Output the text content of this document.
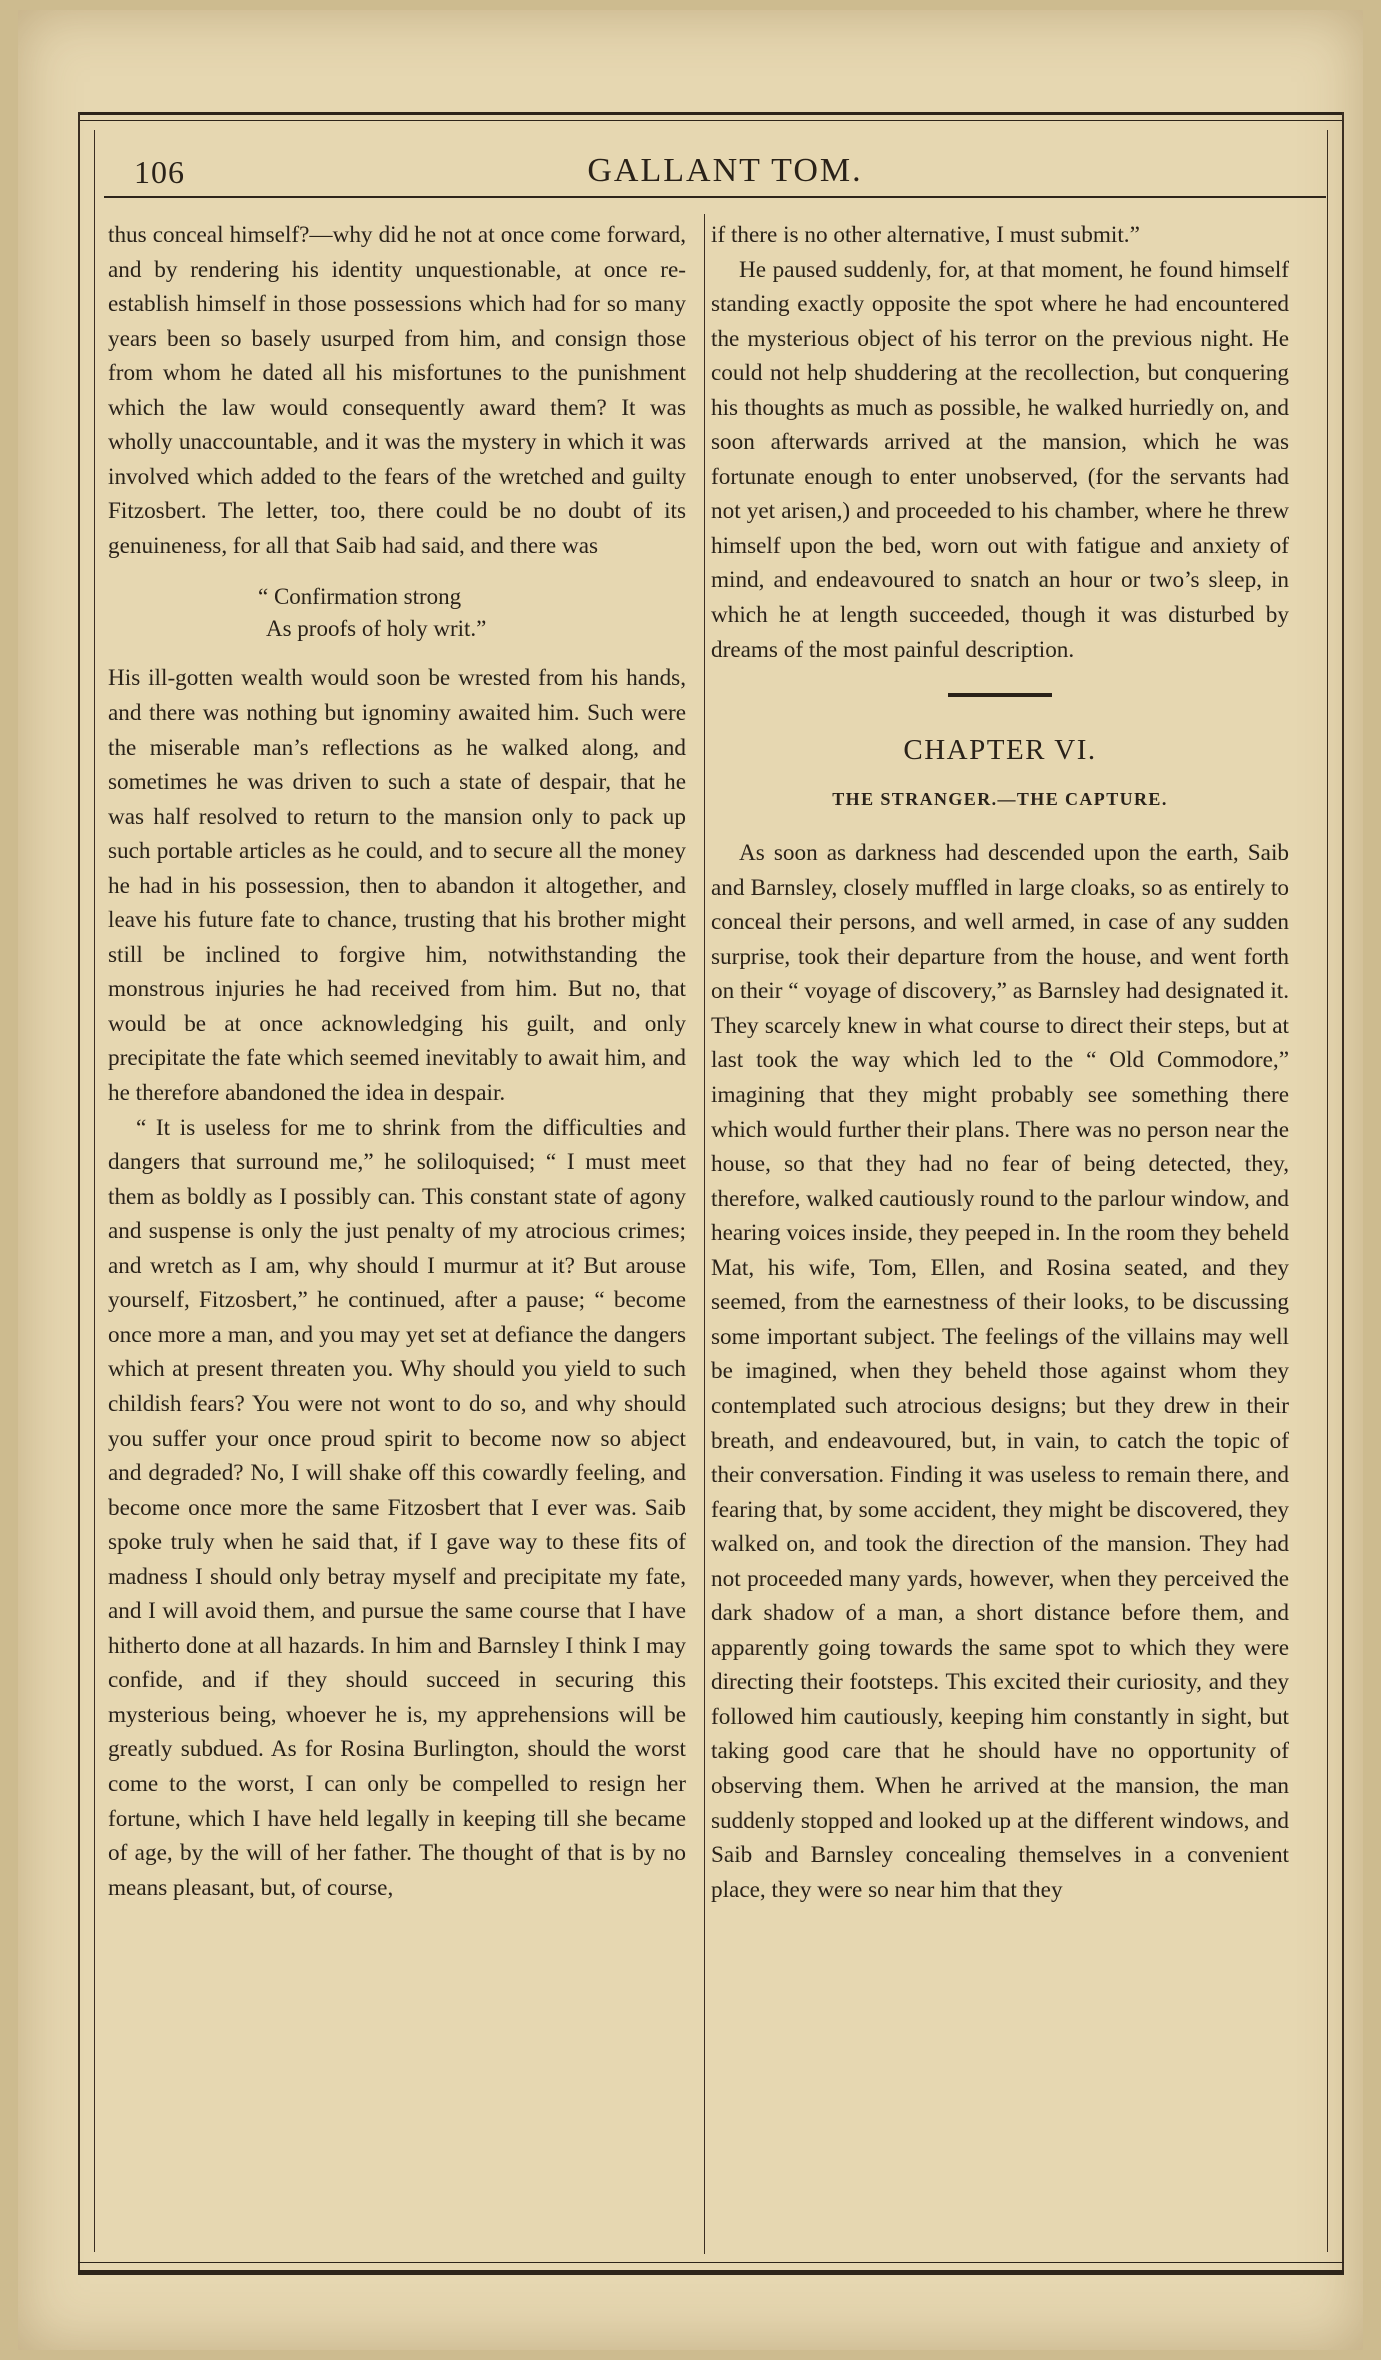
106	GALLANT TOM.

thus conceal himself?—why did he not at once come forward, and by rendering his identity unquestionable, at once re-establish himself in those possessions which had for so many years been so basely usurped from him, and consign those from whom he dated all his misfortunes to the punishment which the law would consequently award them? It was wholly unaccountable, and it was the mystery in which it was involved which added to the fears of the wretched and guilty Fitzosbert. The letter, too, there could be no doubt of its genuineness, for all that Saib had said, and there was

“ Confirmation strong
As proofs of holy writ.”

His ill-gotten wealth would soon be wrested from his hands, and there was nothing but ignominy awaited him. Such were the miserable man’s reflections as he walked along, and sometimes he was driven to such a state of despair, that he was half resolved to return to the mansion only to pack up such portable articles as he could, and to secure all the money he had in his possession, then to abandon it altogether, and leave his future fate to chance, trusting that his brother might still be inclined to forgive him, notwithstanding the monstrous injuries he had received from him. But no, that would be at once acknowledging his guilt, and only precipitate the fate which seemed inevitably to await him, and he therefore abandoned the idea in despair.

“ It is useless for me to shrink from the difficulties and dangers that surround me,” he soliloquised; “ I must meet them as boldly as I possibly can. This constant state of agony and suspense is only the just penalty of my atrocious crimes; and wretch as I am, why should I murmur at it? But arouse yourself, Fitzosbert,” he continued, after a pause; “ become once more a man, and you may yet set at defiance the dangers which at present threaten you. Why should you yield to such childish fears? You were not wont to do so, and why should you suffer your once proud spirit to become now so abject and degraded? No, I will shake off this cowardly feeling, and become once more the same Fitzosbert that I ever was. Saib spoke truly when he said that, if I gave way to these fits of madness I should only betray myself and precipitate my fate, and I will avoid them, and pursue the same course that I have hitherto done at all hazards. In him and Barnsley I think I may confide, and if they should succeed in securing this mysterious being, whoever he is, my apprehensions will be greatly subdued. As for Rosina Burlington, should the worst come to the worst, I can only be compelled to resign her fortune, which I have held legally in keeping till she became of age, by the will of her father. The thought of that is by no means pleasant, but, of course,

if there is no other alternative, I must submit.”

He paused suddenly, for, at that moment, he found himself standing exactly opposite the spot where he had encountered the mysterious object of his terror on the previous night. He could not help shuddering at the recollection, but conquering his thoughts as much as possible, he walked hurriedly on, and soon afterwards arrived at the mansion, which he was fortunate enough to enter unobserved, (for the servants had not yet arisen,) and proceeded to his chamber, where he threw himself upon the bed, worn out with fatigue and anxiety of mind, and endeavoured to snatch an hour or two’s sleep, in which he at length succeeded, though it was disturbed by dreams of the most painful description.

CHAPTER VI.
THE STRANGER.—THE CAPTURE.

As soon as darkness had descended upon the earth, Saib and Barnsley, closely muffled in large cloaks, so as entirely to conceal their persons, and well armed, in case of any sudden surprise, took their departure from the house, and went forth on their “ voyage of discovery,” as Barnsley had designated it. They scarcely knew in what course to direct their steps, but at last took the way which led to the “ Old Commodore,” imagining that they might probably see something there which would further their plans. There was no person near the house, so that they had no fear of being detected, they, therefore, walked cautiously round to the parlour window, and hearing voices inside, they peeped in. In the room they beheld Mat, his wife, Tom, Ellen, and Rosina seated, and they seemed, from the earnestness of their looks, to be discussing some important subject. The feelings of the villains may well be imagined, when they beheld those against whom they contemplated such atrocious designs; but they drew in their breath, and endeavoured, but, in vain, to catch the topic of their conversation. Finding it was useless to remain there, and fearing that, by some accident, they might be discovered, they walked on, and took the direction of the mansion. They had not proceeded many yards, however, when they perceived the dark shadow of a man, a short distance before them, and apparently going towards the same spot to which they were directing their footsteps. This excited their curiosity, and they followed him cautiously, keeping him constantly in sight, but taking good care that he should have no opportunity of observing them. When he arrived at the mansion, the man suddenly stopped and looked up at the different windows, and Saib and Barnsley concealing themselves in a convenient place, they were so near him that they
